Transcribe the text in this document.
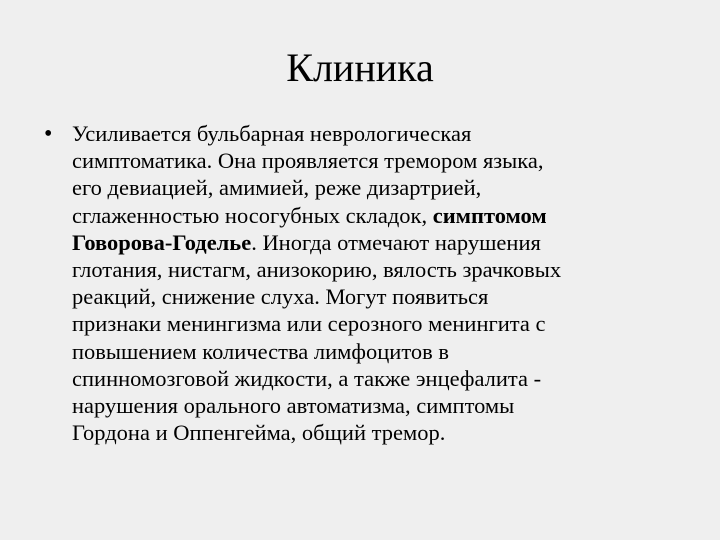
Клиника
• Усиливается бульбарная неврологическая
симптоматика. Она проявляется тремором языка,
его девиацией, амимией, реже дизартрией,
сглаженностью носогубных складок, симптомом
Говорова-Годелье. Иногда отмечают нарушения
глотания, нистагм, анизокорию, вялость зрачковых
реакций, снижение слуха. Могут появиться
признаки менингизма или серозного менингита с
повышением количества лимфоцитов в
спинномозговой жидкости, а также энцефалита -
нарушения орального автоматизма, симптомы
Гордона и Оппенгейма, общий тремор.
